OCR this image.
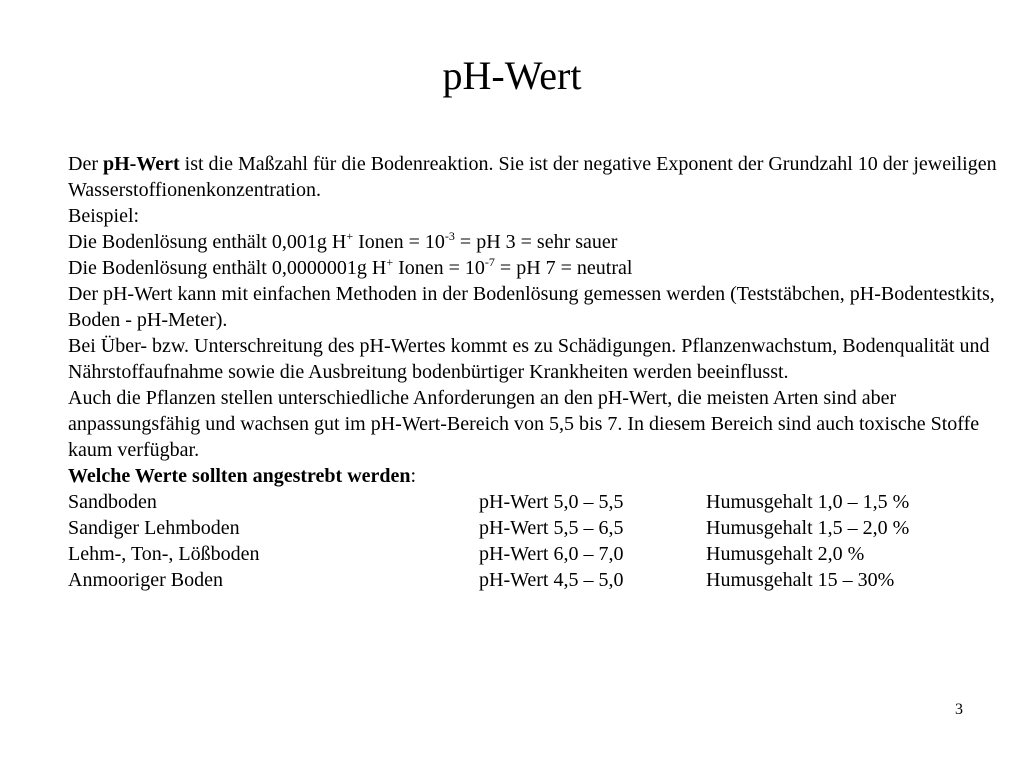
pH-Wert

Der pH-Wert ist die Maßzahl für die Bodenreaktion. Sie ist der negative Exponent der Grundzahl 10 der jeweiligen Wasserstoffionenkonzentration.

Beispiel:

Die Bodenlösung enthält 0,001g H+ Ionen = $10^{-3}$ = pH 3 = sehr sauer

Die Bodenlösung enthält 0,0000001g H+ Ionen = $10^{-7}$ = pH 7 = neutral

Der pH-Wert kann mit einfachen Methoden in der Bodenlösung gemessen werden (Teststäbchen, pH-Bodentestkits, Boden - pH-Meter).

Bei Über- bzw. Unterschreitung des pH-Wertes kommt es zu Schädigungen. Pflanzenwachstum, Bodenqualität und Nährstoffaufnahme sowie die Ausbreitung bodenbürtiger Krankheiten werden beeinflusst.

Auch die Pflanzen stellen unterschiedliche Anforderungen an den pH-Wert, die meisten Arten sind aber anpassungsfähig und wachsen gut im pH-Wert-Bereich von 5,5 bis 7. In diesem Bereich sind auch toxische Stoffe kaum verfügbar.

Welche Werte sollten angestrebt werden:

Sandboden	pH-Wert 5,0 – 5,5	Humusgehalt 1,0 – 1,5 %
Sandiger Lehmboden	pH-Wert 5,5 – 6,5	Humusgehalt 1,5 – 2,0 %
Lehm-, Ton-, Lößboden	pH-Wert 6,0 – 7,0	Humusgehalt 2,0 %
Anmooriger Boden	pH-Wert 4,5 – 5,0	Humusgehalt 15 – 30%
3
